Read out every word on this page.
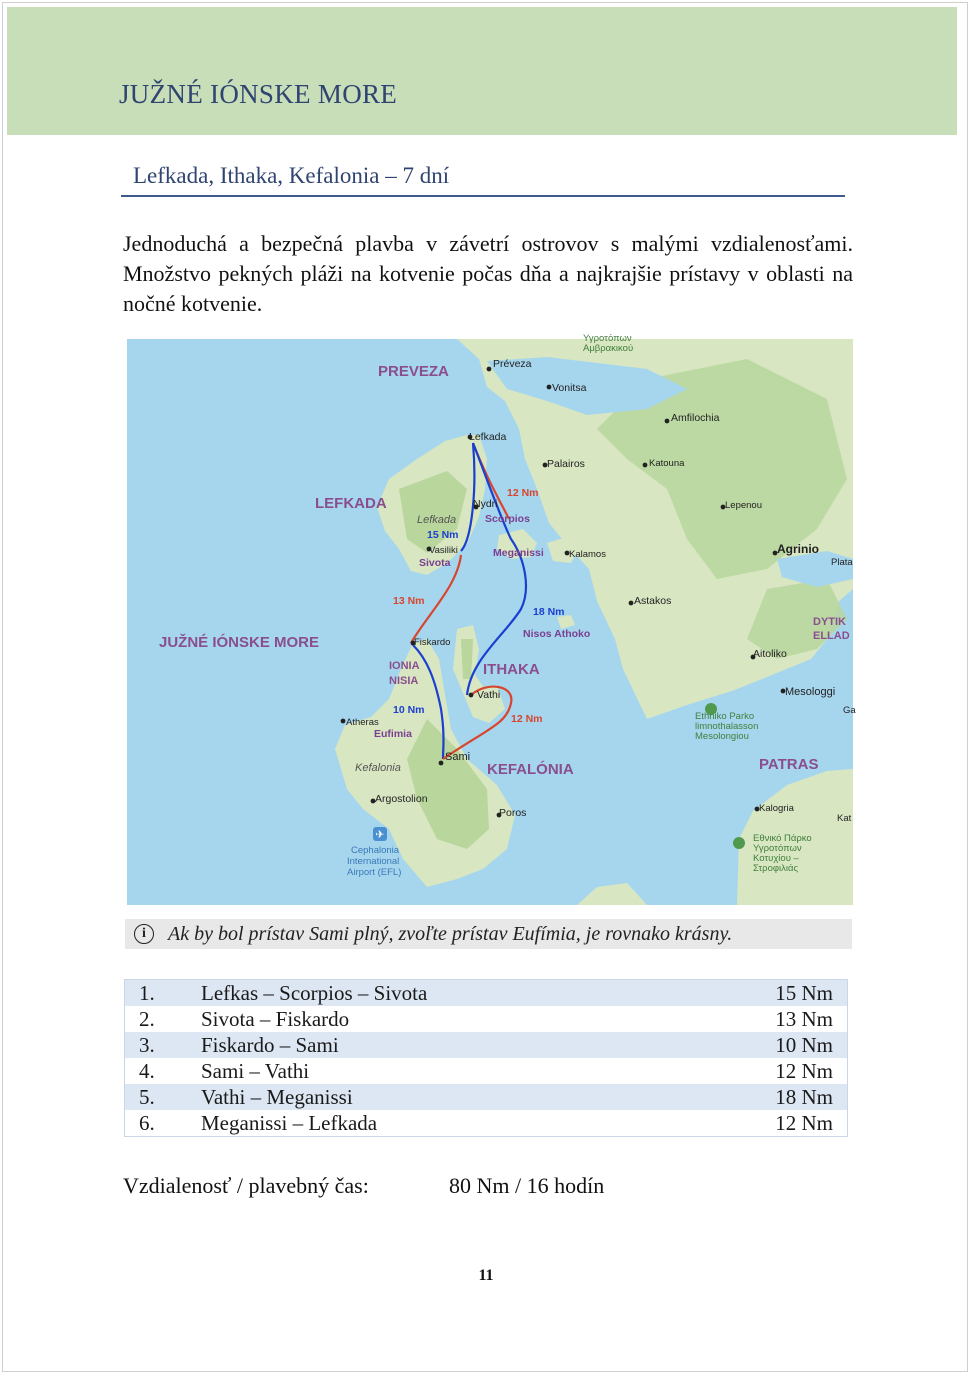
JUŽNÉ IÓNSKE MORE
Lefkada, Ithaka, Kefalonia – 7 dní
Jednoduchá a bezpečná plavba v závetrí ostrovov s malými vzdialenosťami. Množstvo pekných pláži na kotvenie počas dňa a najkrajšie prístavy v oblasti na nočné kotvenie.
✈
PREVEZA
LEFKADA
JUŽNÉ IÓNSKE MORE
ITHAKA
KEFALÓNIA	PATRAS
IONIA
NISIA
DYTIK
ELLAD
Préveza
Vonitsa
Amfilochia
Lefkada
Palairos	Katouna
Nydri	Lepenou
Vasiliki	Kalamos	Agrinio
Plata
Astakos
Fiskardo
Aitoliko
Vathi	Mesologgi
Ga
Atheras
Sami
Argostolion
Poros	Kalogria
Kat
Lefkada
Kefalonia
Cephalonia
International
Airport (EFL)
Ethniko Parko
limnothalasson
Mesolongiou
Εθνικό Πάρκο
Υγροτόπων
Κοτυχίου –
Στροφιλιάς
Υγροτόπων
Αμβρακικού
Scorpios
Sivota
Meganissi
Nisos Athoko
Eufimia
12 Nm
15 Nm
13 Nm
18 Nm
10 Nm
12 Nm
i	Ak by bol prístav Sami plný, zvoľte prístav Eufímia, je rovnako krásny.
1.	Lefkas – Scorpios – Sivota	15 Nm
2.	Sivota – Fiskardo	13 Nm
3.	Fiskardo – Sami	10 Nm
4.	Sami – Vathi	12 Nm
5.	Vathi – Meganissi	18 Nm
6.	Meganissi – Lefkada	12 Nm
Vzdialenosť / plavebný čas:	80 Nm / 16 hodín
11
